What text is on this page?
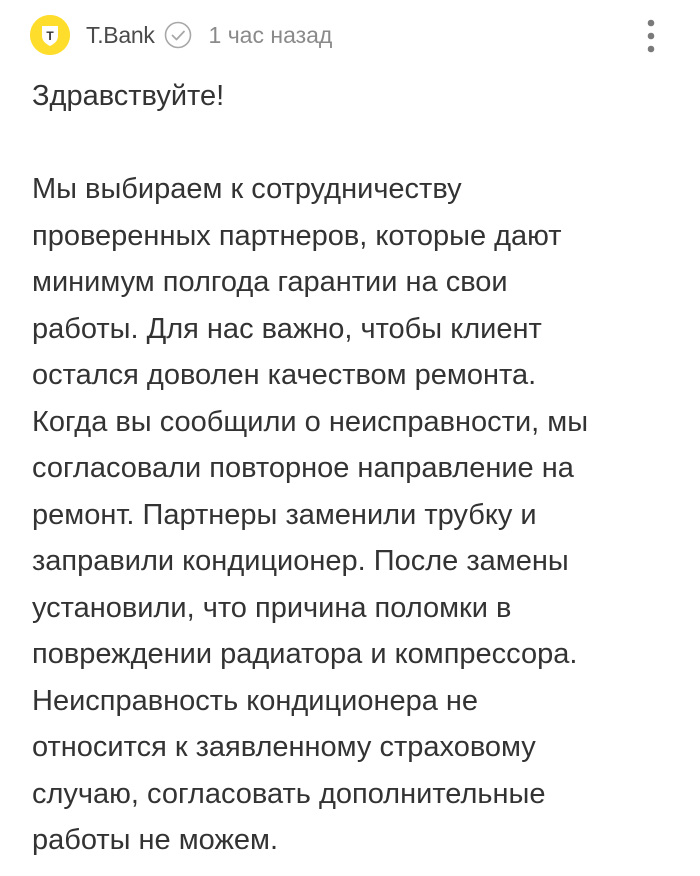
Т T.Bank 1 час назад

Здравствуйте!

Мы выбираем к сотрудничеству

проверенных партнеров, которые дают

минимум полгода гарантии на свои

работы. Для нас важно, чтобы клиент

остался доволен качеством ремонта.

Когда вы сообщили о неисправности, мы

согласовали повторное направление на

ремонт. Партнеры заменили трубку и

заправили кондиционер. После замены

установили, что причина поломки в

повреждении радиатора и компрессора.

Неисправность кондиционера не

относится к заявленному страховому

случаю, согласовать дополнительные

работы не можем.
